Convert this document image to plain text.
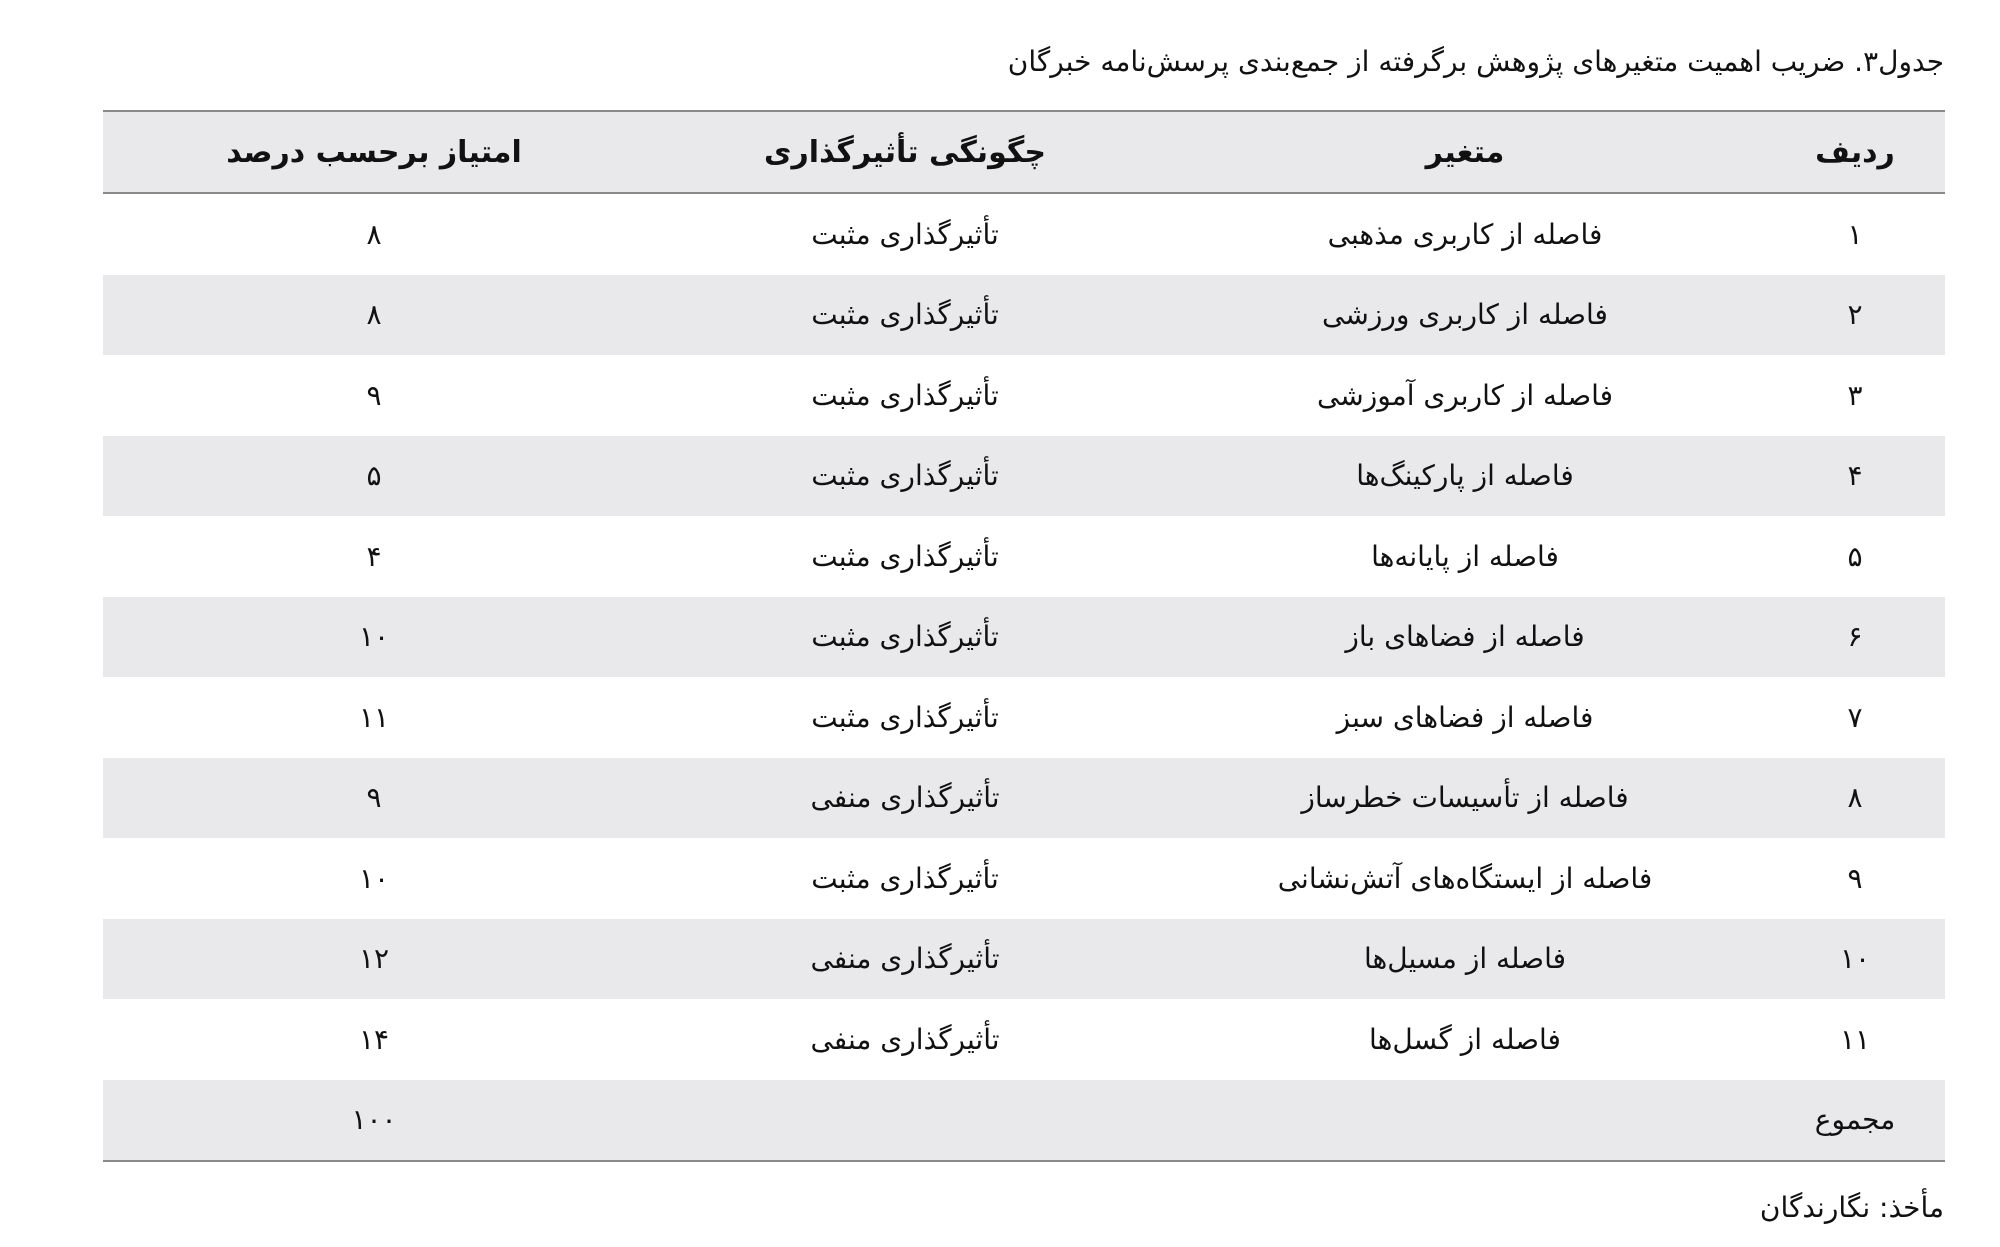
جدول۳. ضریب اهمیت متغیرهای پژوهش برگرفته از جمع‌بندی پرسش‌نامه خبرگان
ردیف	متغیر	چگونگی تأثیرگذاری	امتیاز برحسب درصد
۱	فاصله از کاربری مذهبی	تأثیرگذاری مثبت	۸
۲	فاصله از کاربری ورزشی	تأثیرگذاری مثبت	۸
۳	فاصله از کاربری آموزشی	تأثیرگذاری مثبت	۹
۴	فاصله از پارکینگ‌ها	تأثیرگذاری مثبت	۵
۵	فاصله از پایانه‌ها	تأثیرگذاری مثبت	۴
۶	فاصله از فضاهای باز	تأثیرگذاری مثبت	۱۰
۷	فاصله از فضاهای سبز	تأثیرگذاری مثبت	۱۱
۸	فاصله از تأسیسات خطرساز	تأثیرگذاری منفی	۹
۹	فاصله از ایستگاه‌های آتش‌نشانی	تأثیرگذاری مثبت	۱۰
۱۰	فاصله از مسیل‌ها	تأثیرگذاری منفی	۱۲
۱۱	فاصله از گسل‌ها	تأثیرگذاری منفی	۱۴
مجموع			۱۰۰
مأخذ: نگارندگان
